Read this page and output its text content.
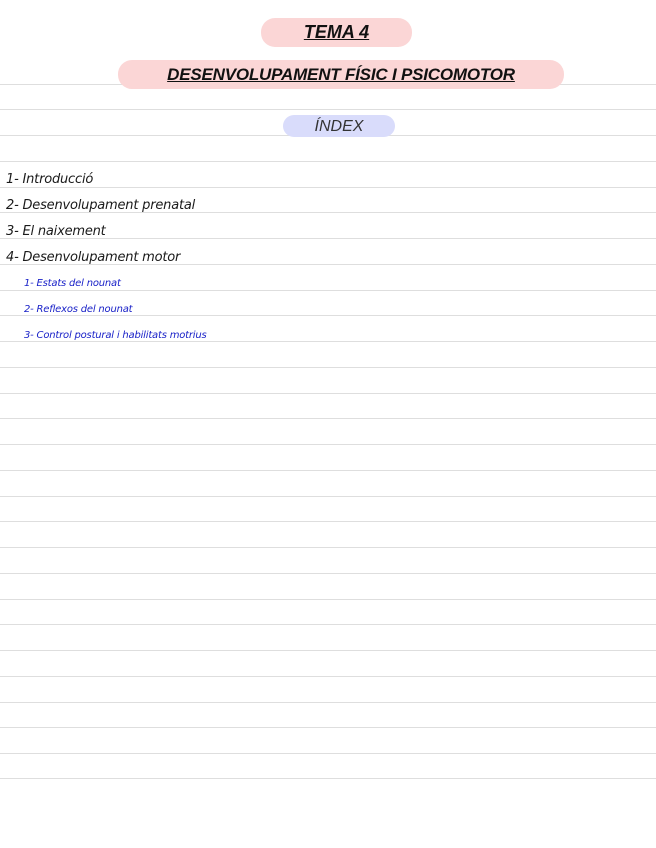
TEMA 4
DESENVOLUPAMENT FÍSIC I PSICOMOTOR
ÍNDEX
1- Introducció
2- Desenvolupament prenatal
3- El naixement
4- Desenvolupament motor
1- Estats del nounat
2- Reflexos del nounat
3- Control postural i habilitats motrius
